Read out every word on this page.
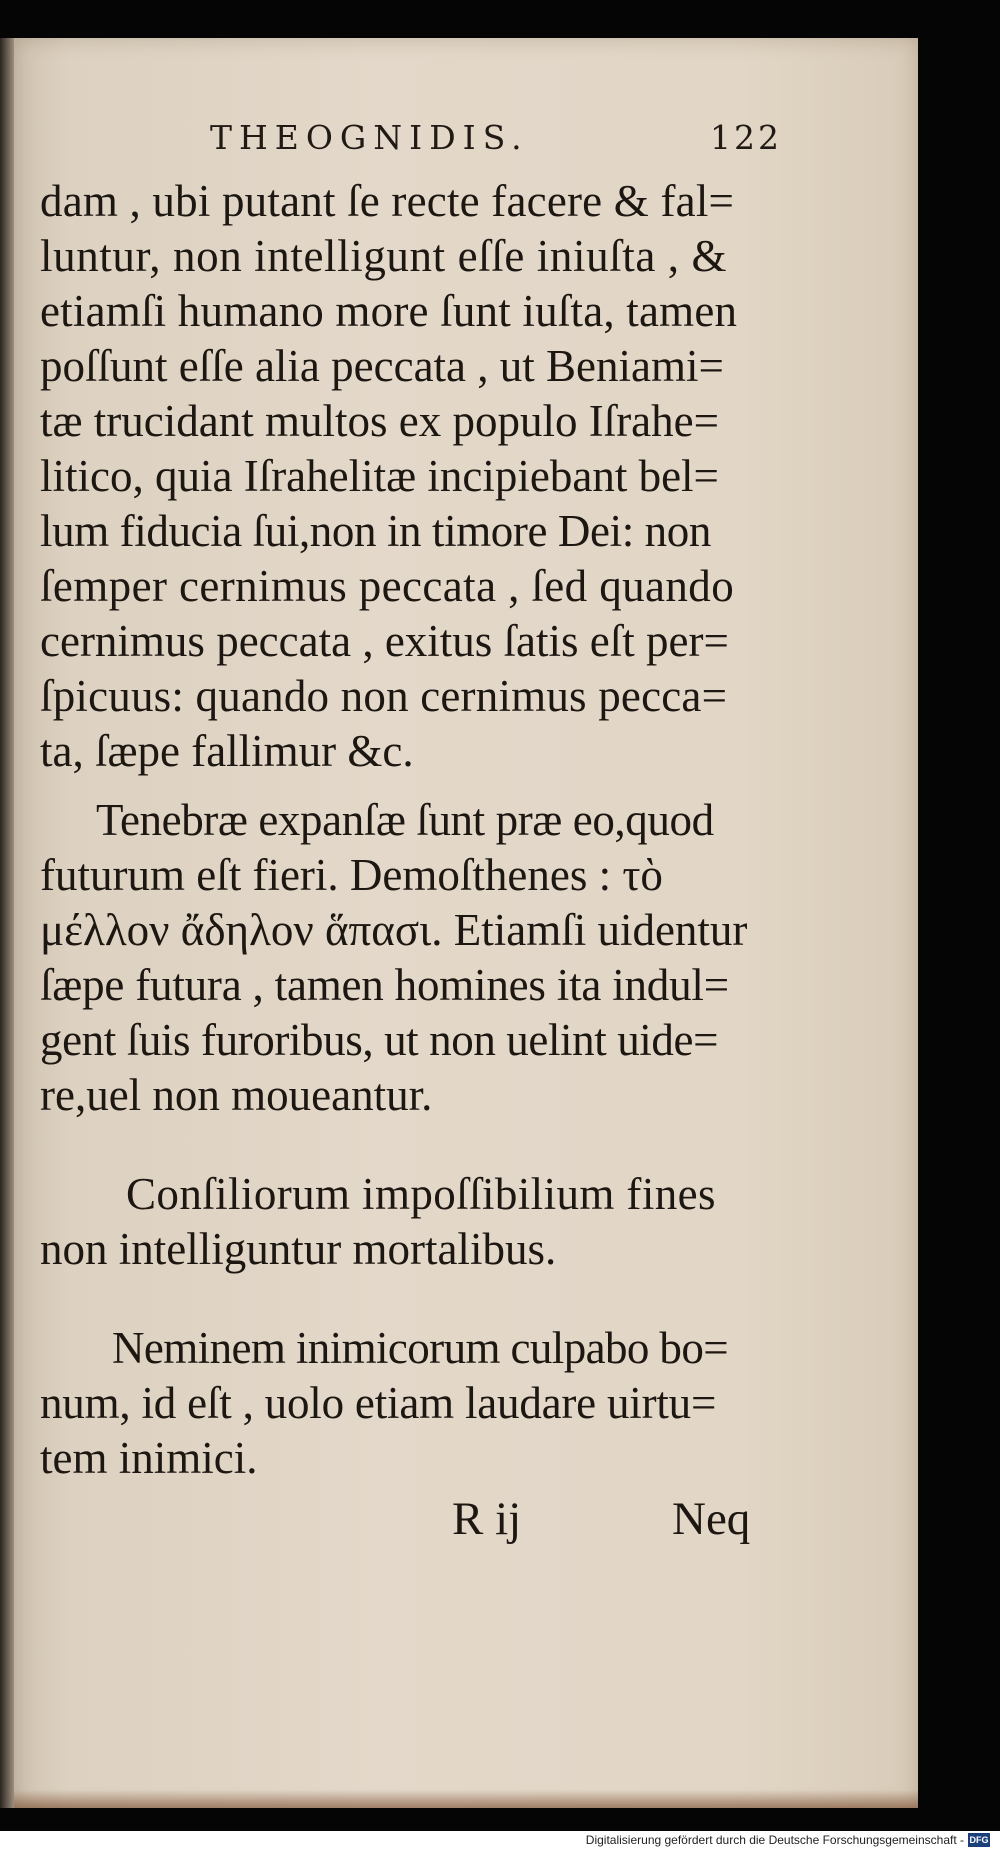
THEOGNIDIS.	122
dam , ubi putant ſe recte facere & fal=
luntur, non intelligunt eſſe iniuſta , &
etiamſi humano more ſunt iuſta, tamen
poſſunt eſſe alia peccata , ut Beniami=
tæ trucidant multos ex populo Iſrahe=
litico, quia Iſrahelitæ incipiebant bel=
lum fiducia ſui,non in timore Dei: non
ſemper cernimus peccata , ſed quando
cernimus peccata , exitus ſatis eſt per=
ſpicuus: quando non cernimus pecca=
ta, ſæpe fallimur &c.
Tenebræ expanſæ ſunt præ eo,quod
futurum eſt fieri. Demoſthenes : τὸ
μέλλον ἄδηλον ἅπασι. Etiamſi uidentur
ſæpe futura , tamen homines ita indul=
gent ſuis furoribus, ut non uelint uide=
re,uel non moueantur.
Conſiliorum impoſſibilium fines
non intelliguntur mortalibus.
Neminem inimicorum culpabo bo=
num, id eſt , uolo etiam laudare uirtu=
tem inimici.
R ij	Neq
Digitalisierung gefördert durch die Deutsche Forschungsgemeinschaft - DFG
